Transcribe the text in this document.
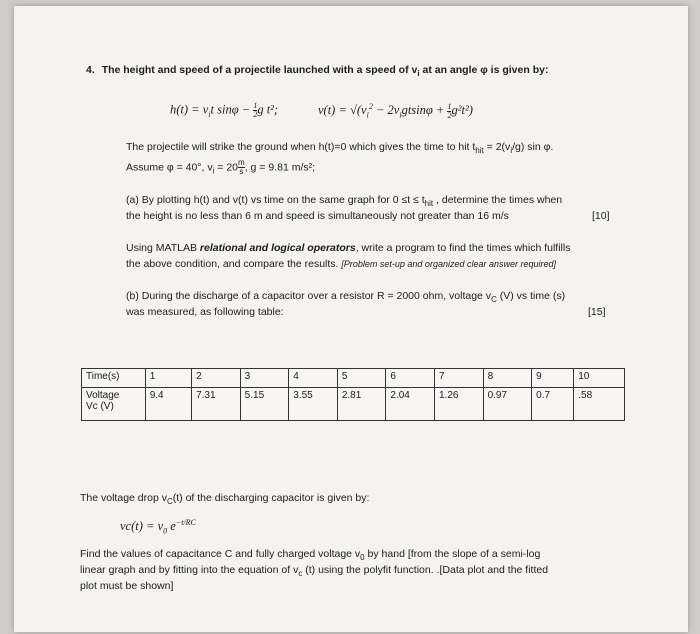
4. The height and speed of a projectile launched with a speed of $v_i$ at an angle φ is given by:
$h(t) = v_it$ $\sin\varphi - \frac{1}{2}$ g t²;	$v(t) = √(v_i^2 - 2v_igtsin\varphi + \frac{1}{2} g^2t^2)$
The projectile will strike the ground when h(t)=0 which gives the time to hit $t_{hit} = 2(v_i/g)$ sin φ.
Assume φ = 40°, $v_i = 20 \frac{m}{s}$ , g = 9.81 m/s²;
(a) By plotting h(t) and v(t) vs time on the same graph for $0 \le t \le t_{hit}$ , determine the times when
the height is no less than 6 m and speed is simultaneously not greater than 16 m/s	[10]
Using MATLAB relational and logical operators, write a program to find the times which fulfills
the above condition, and compare the results. [Problem set-up and organized clear answer required]
(b) During the discharge of a capacitor over a resistor R = 2000 ohm, voltage $v_C$ (V) vs time (s)
was measured, as following table:	[15]
Time(s)	1	2	3	4	5	6	7	8	9	10
Voltage
Vc (V)	9.4	7.31	5.15	3.55	2.81	2.04	1.26	0.97	0.7	.58
The voltage drop $v_C(t)$ of the discharging capacitor is given by:
$vc(t) = v_0$ $e^{-t/RC}$
Find the values of capacitance C and fully charged voltage $v_0$ by hand [from the slope of a semi-log
linear graph and by fitting into the equation of $v_c$ (t) using the polyfit function. .[Data plot and the fitted
plot must be shown]
